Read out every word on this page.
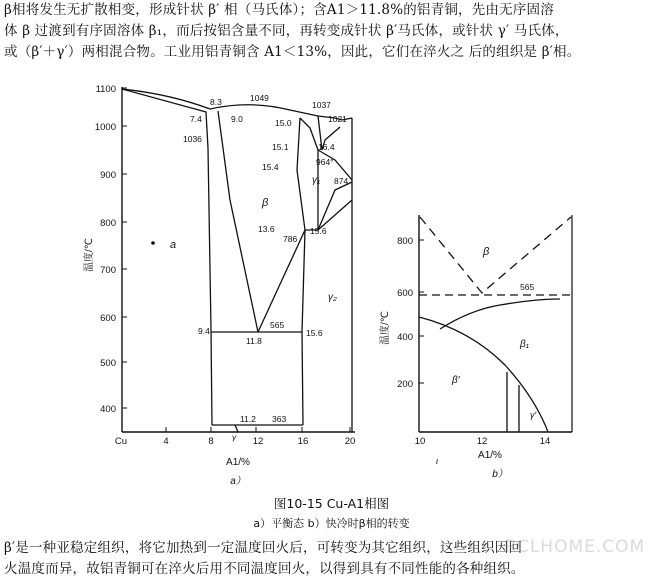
β相将发生无扩散相变，形成针状 β′ 相（马氏体）；含A1＞11.8%的铝青铜，先由无序固溶

体 β 过渡到有序固溶体 β₁，而后按铝含量不同，再转变成针状 β′马氏体，或针状 γ′ 马氏体，

或（β′＋γ′）两相混合物。工业用铝青铜含 A1＜13%，因此，它们在淬火之 后的组织是 β′相。

1100
1000
900
800
700
600
500
400
温度/℃
Cu	4	8	12	16	20
A1/%
a）
β
a
γ₁
γ₂
8.3	1049
1037
1021
7.4	9.0	15.0
1036
15.1	16.4
15.4	964°
874
13.6
786
15.6
9.4
565
15.6
11.8
11.2 363
γ
800
600
400
200
温度/℃
10	12	14
A1/%
b）
ι
β
β₁
β′
γ′
565
图10-15 Cu-A1相图
a）平衡态 b）快冷时β相的转变

β′是一种亚稳定组织，将它加热到一定温度回火后，可转变为其它组织，这些组织因回

火温度而异，故铝青铜可在淬火后用不同温度回火，以得到具有不同性能的各种组织。

RCLHOME.COM
